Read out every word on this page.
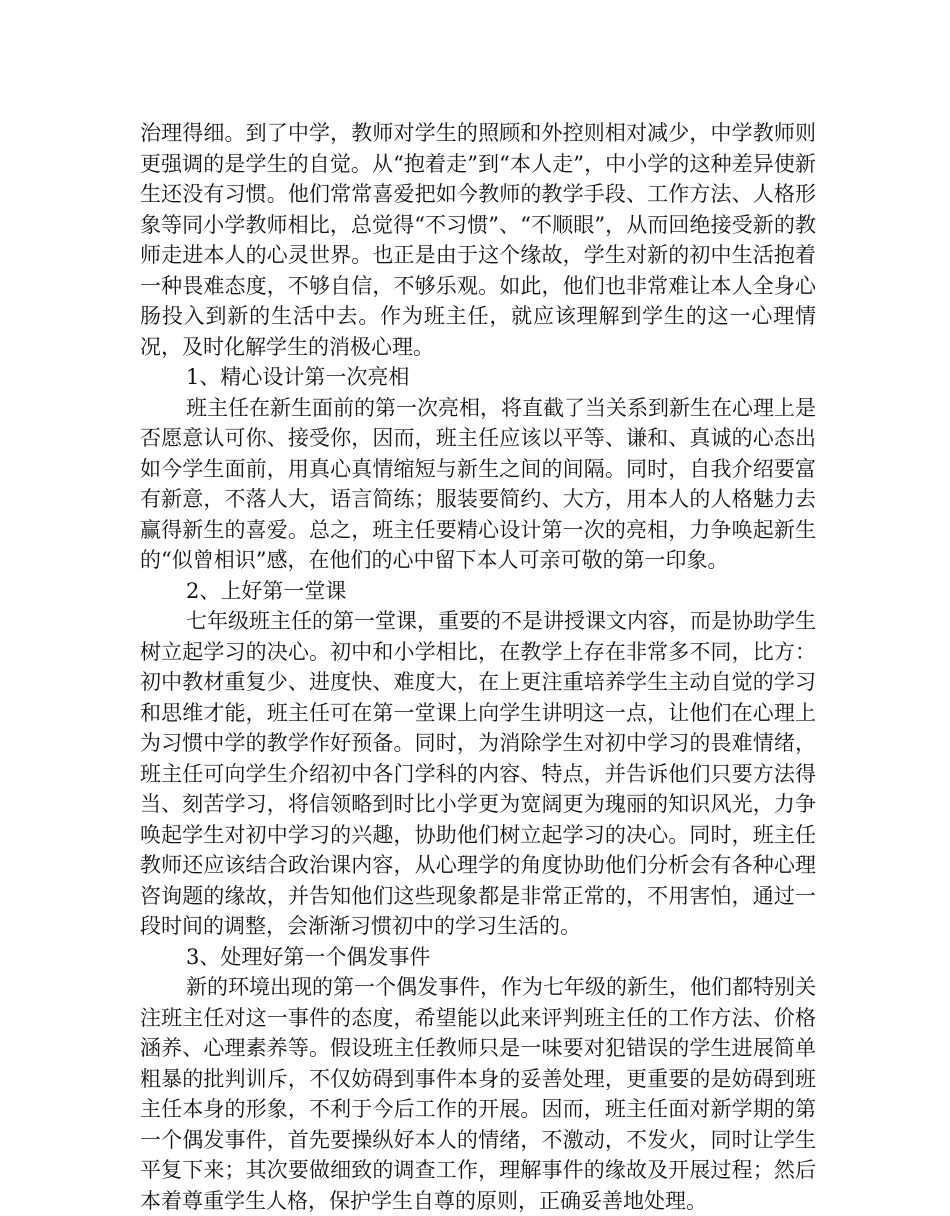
治理得细。到了中学，教师对学生的照顾和外控则相对减少，中学教师则更强调的是学生的自觉。从“抱着走”到“本人走”，中小学的这种差异使新生还没有习惯。他们常常喜爱把如今教师的教学手段、工作方法、人格形象等同小学教师相比，总觉得“不习惯”、“不顺眼”，从而回绝接受新的教师走进本人的心灵世界。也正是由于这个缘故，学生对新的初中生活抱着一种畏难态度，不够自信，不够乐观。如此，他们也非常难让本人全身心肠投入到新的生活中去。作为班主任，就应该理解到学生的这一心理情况，及时化解学生的消极心理。

1、精心设计第一次亮相

班主任在新生面前的第一次亮相，将直截了当关系到新生在心理上是否愿意认可你、接受你，因而，班主任应该以平等、谦和、真诚的心态出如今学生面前，用真心真情缩短与新生之间的间隔。同时，自我介绍要富有新意，不落人大，语言简练；服装要简约、大方，用本人的人格魅力去赢得新生的喜爱。总之，班主任要精心设计第一次的亮相，力争唤起新生的“似曾相识”感，在他们的心中留下本人可亲可敬的第一印象。

2、上好第一堂课

七年级班主任的第一堂课，重要的不是讲授课文内容，而是协助学生树立起学习的决心。初中和小学相比，在教学上存在非常多不同，比方：初中教材重复少、进度快、难度大，在上更注重培养学生主动自觉的学习和思维才能，班主任可在第一堂课上向学生讲明这一点，让他们在心理上为习惯中学的教学作好预备。同时，为消除学生对初中学习的畏难情绪，班主任可向学生介绍初中各门学科的内容、特点，并告诉他们只要方法得当、刻苦学习，将信领略到时比小学更为宽阔更为瑰丽的知识风光，力争唤起学生对初中学习的兴趣，协助他们树立起学习的决心。同时，班主任教师还应该结合政治课内容，从心理学的角度协助他们分析会有各种心理咨询题的缘故，并告知他们这些现象都是非常正常的，不用害怕，通过一段时间的调整，会渐渐习惯初中的学习生活的。

3、处理好第一个偶发事件

新的环境出现的第一个偶发事件，作为七年级的新生，他们都特别关注班主任对这一事件的态度，希望能以此来评判班主任的工作方法、价格涵养、心理素养等。假设班主任教师只是一味要对犯错误的学生进展简单粗暴的批判训斥，不仅妨碍到事件本身的妥善处理，更重要的是妨碍到班主任本身的形象，不利于今后工作的开展。因而，班主任面对新学期的第一个偶发事件，首先要操纵好本人的情绪，不激动，不发火，同时让学生平复下来；其次要做细致的调查工作，理解事件的缘故及开展过程；然后本着尊重学生人格，保护学生自尊的原则，正确妥善地处理。
